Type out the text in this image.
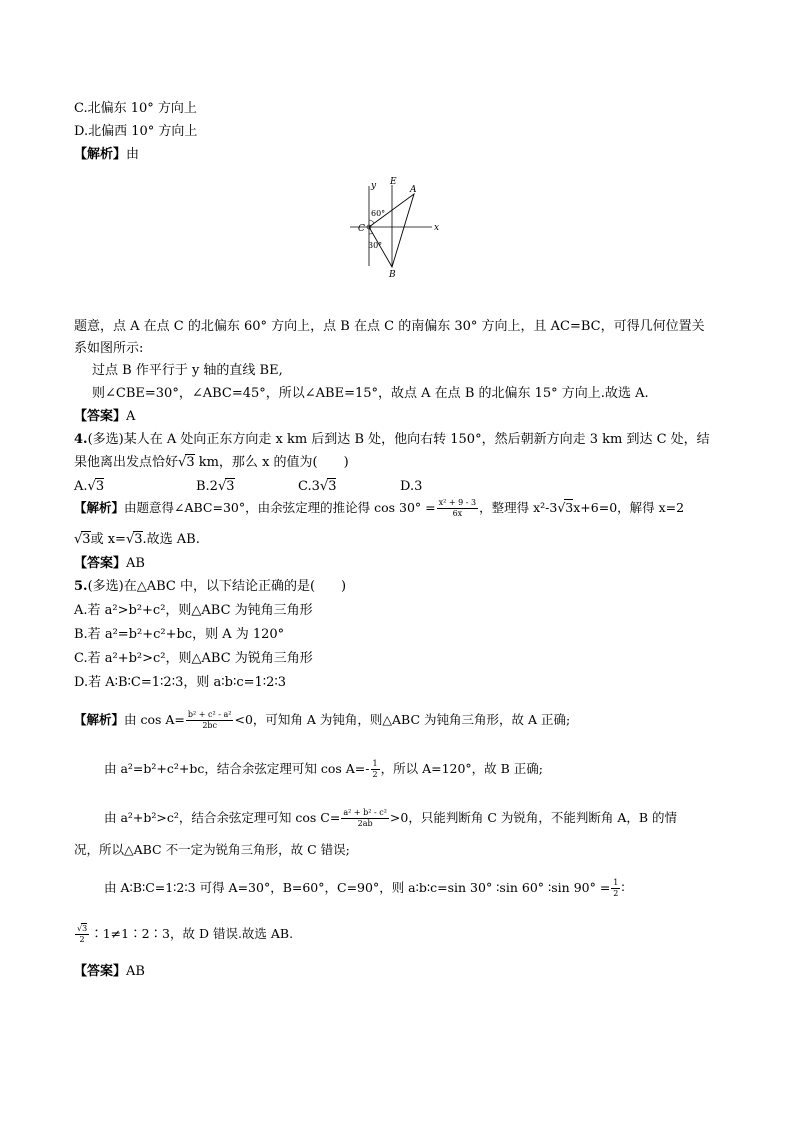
C.北偏东 10° 方向上
D.北偏西 10° 方向上
【解析】由
y E
A
x
C
B
60°
30°
题意，点 A 在点 C 的北偏东 60° 方向上，点 B 在点 C 的南偏东 30° 方向上，且 AC=BC，可得几何位置关
系如图所示:
过点 B 作平行于 y 轴的直线 BE,
则∠CBE=30°，∠ABC=45°，所以∠ABE=15°，故点 A 在点 B 的北偏东 15° 方向上.故选 A.
【答案】A
4.(多选)某人在 A 处向正东方向走 x km 后到达 B 处，他向右转 150°，然后朝新方向走 3 km 到达 C 处，结
果他离出发点恰好√3 km，那么 x 的值为(　　)
A.√3	B.2√3	C.3√3	D.3
【解析】由题意得∠ABC=30°，由余弦定理的推论得 $\cos 30^\circ = \frac{\text{x² + 9 - 3}}{6x}$ ，整理得 x²-3√3x+6=0，解得 x=2
√3或 x=√3.故选 AB.
【答案】AB
5.(多选)在△ABC 中，以下结论正确的是(　　)
A.若 a²>b²+c²，则△ABC 为钝角三角形
B.若 a²=b²+c²+bc，则 A 为 120°
C.若 a²+b²>c²，则△ABC 为锐角三角形
D.若 A∶B∶C=1∶2∶3，则 a∶b∶c=1∶2∶3
【解析】由 $\cos A= \frac{\text{b² + c² - a²}}{2bc} <0$，可知角 A 为钝角，则△ABC 为钝角三角形，故 A 正确;
由 a²=b²+c²+bc，结合余弦定理可知 $\cos A=- \frac{1}{2}$ ，所以 A=120°，故 B 正确;
由 a²+b²>c²，结合余弦定理可知 $\cos C= \frac{\text{a² + b² - c²}}{2ab} >0$，只能判断角 C 为锐角，不能判断角 A，B 的情
况，所以△ABC 不一定为锐角三角形，故 C 错误;
由 A∶B∶C=1∶2∶3 可得 A=30°，B=60°，C=90°，则 a∶b∶c=sin 30° ∶sin 60° ∶sin $90^\circ = \frac{1}{2}$ ∶
$\frac{√3}{2}$ ∶1≠1∶2∶3，故 D 错误.故选 AB.
【答案】AB
